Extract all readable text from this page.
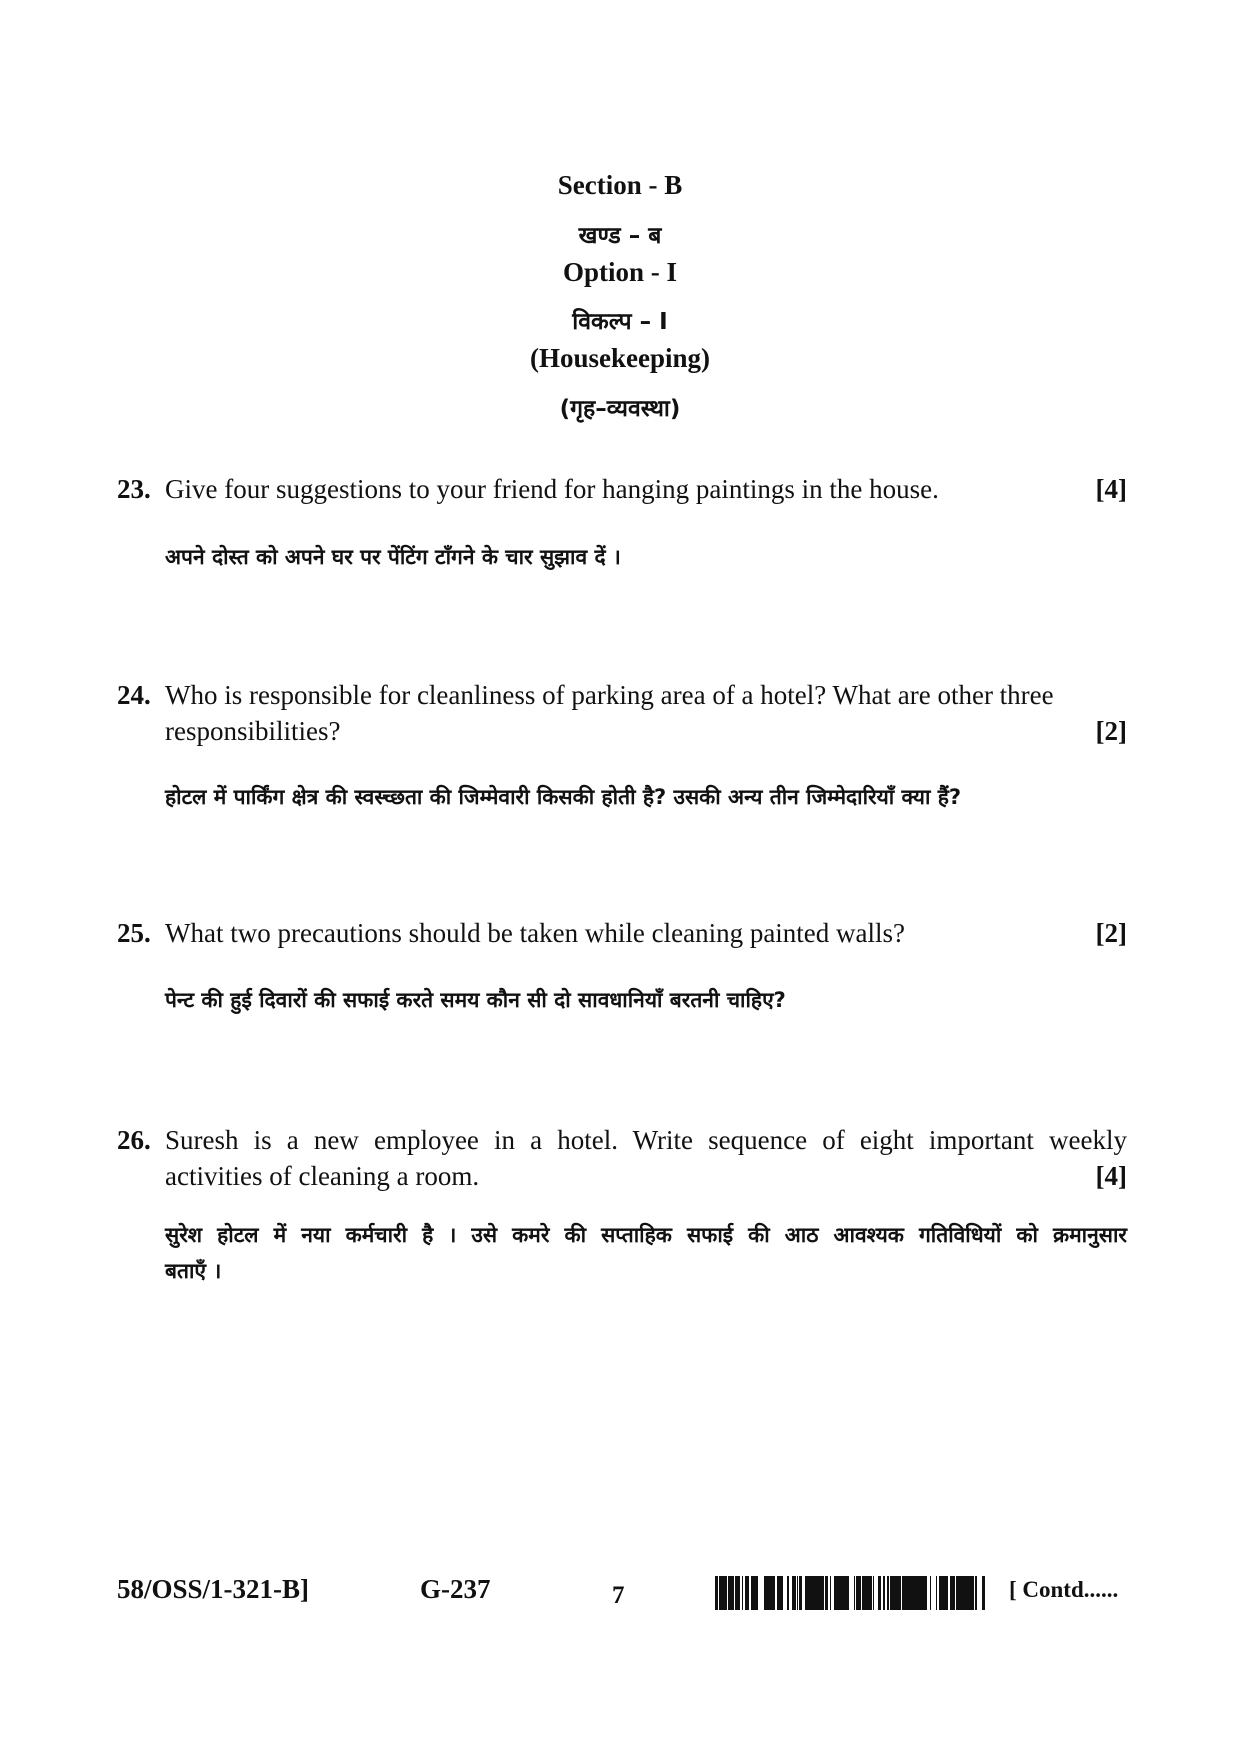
Section - B
खण्ड – ब
Option - I
विकल्प – I
(Housekeeping)
(गृह–व्यवस्था)
23. Give four suggestions to your friend for hanging paintings in the house.	[4]
अपने दोस्त को अपने घर पर पेंटिंग टाँगने के चार सुझाव दें ।
24. Who is responsible for cleanliness of parking area of a hotel? What are other three
responsibilities?	[2]
होटल में पार्किंग क्षेत्र की स्वस्च्छता की जिम्मेवारी किसकी होती है? उसकी अन्य तीन जिम्मेदारियाँ क्या हैं?
25. What two precautions should be taken while cleaning painted walls?	[2]
पेन्ट की हुई दिवारों की सफाई करते समय कौन सी दो सावधानियाँ बरतनी चाहिए?
26. Suresh is a new employee in a hotel. Write sequence of eight important weekly
activities of cleaning a room.	[4]
सुरेश होटल में नया कर्मचारी है । उसे कमरे की सप्ताहिक सफाई की आठ आवश्यक गतिविधियों को क्रमानुसार
बताएँ ।
58/OSS/1-321-B]	G-237	7	[ Contd......
